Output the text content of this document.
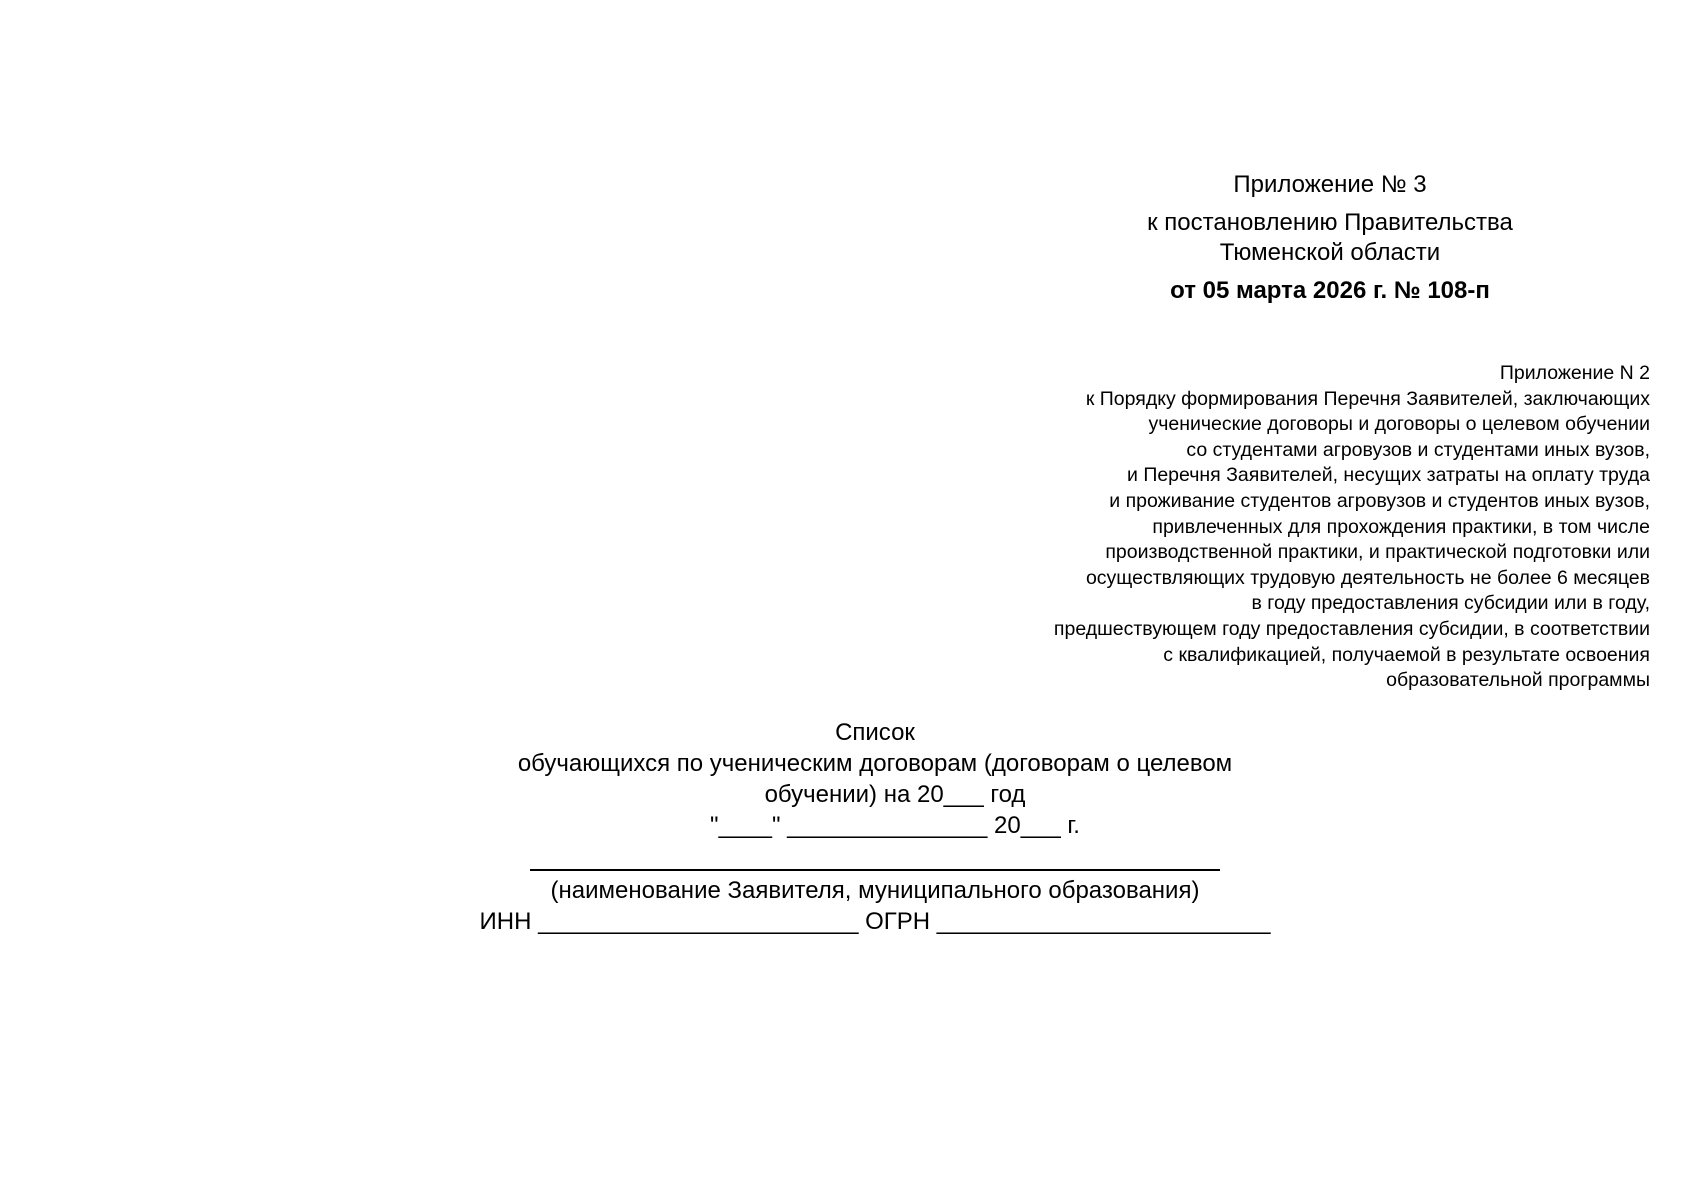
Приложение № 3
к постановлению Правительства
Тюменской области
от 05 марта 2026 г. № 108-п
Приложение N 2
к Порядку формирования Перечня Заявителей, заключающих
ученические договоры и договоры о целевом обучении
со студентами агровузов и студентами иных вузов,
и Перечня Заявителей, несущих затраты на оплату труда
и проживание студентов агровузов и студентов иных вузов,
привлеченных для прохождения практики, в том числе
производственной практики, и практической подготовки или
осуществляющих трудовую деятельность не более 6 месяцев
в году предоставления субсидии или в году,
предшествующем году предоставления субсидии, в соответствии
с квалификацией, получаемой в результате освоения
образовательной программы
Список
обучающихся по ученическим договорам (договорам о целевом
обучении) на 20___ год
"____" _______________ 20___ г.
(наименование Заявителя, муниципального образования)
ИНН ________________________ ОГРН _________________________
